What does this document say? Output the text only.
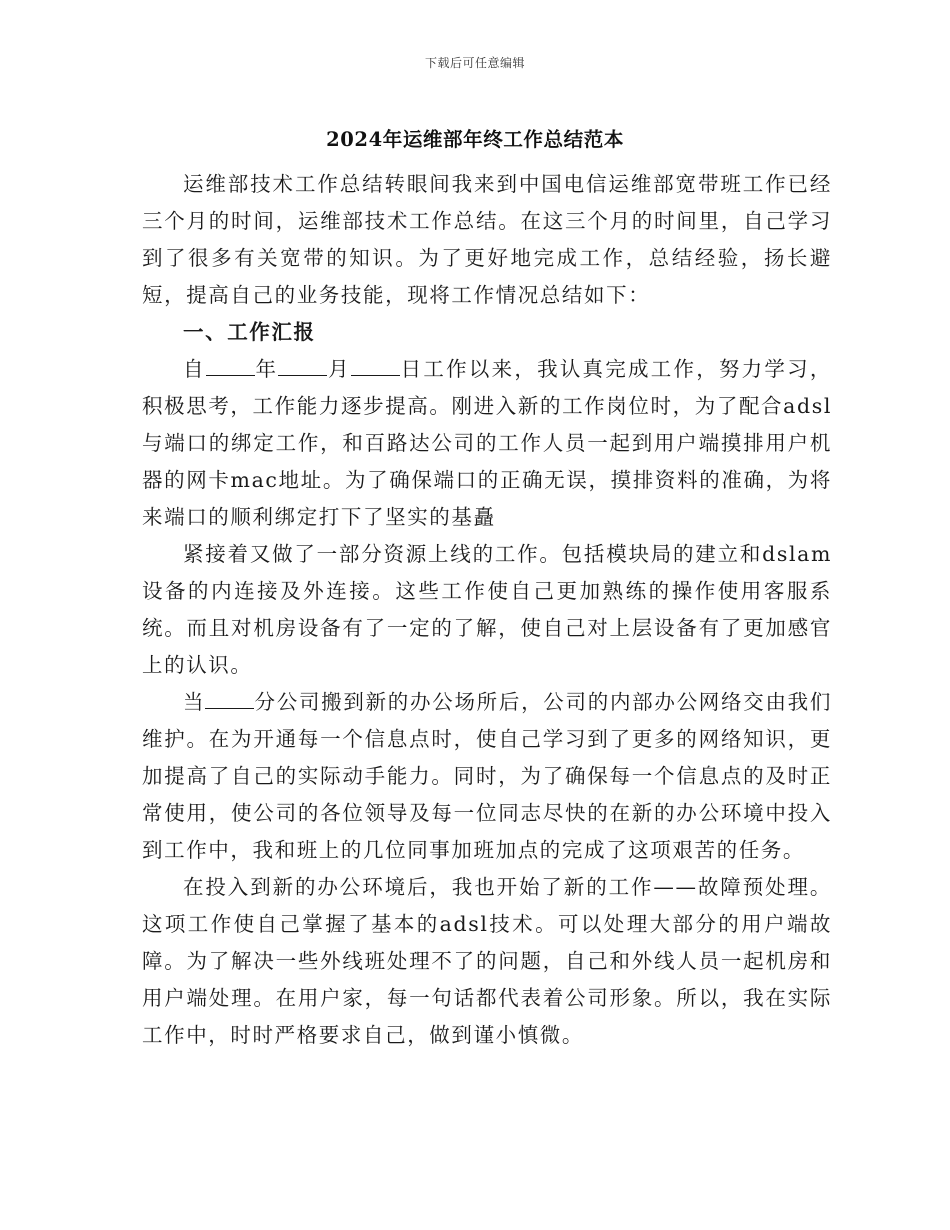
下载后可任意编辑
2024年运维部年终工作总结范本

运维部技术工作总结转眼间我来到中国电信运维部宽带班工作已经三个月的时间，运维部技术工作总结。在这三个月的时间里，自己学习到了很多有关宽带的知识。为了更好地完成工作，总结经验，扬长避短，提高自己的业务技能，现将工作情况总结如下：

一、工作汇报

自 年 月 日工作以来，我认真完成工作，努力学习，积极思考，工作能力逐步提高。刚进入新的工作岗位时，为了配合adsl与端口的绑定工作，和百路达公司的工作人员一起到用户端摸排用户机器的网卡mac地址。为了确保端口的正确无误，摸排资料的准确，为将来端口的顺利绑定打下了坚实的基矗

紧接着又做了一部分资源上线的工作。包括模块局的建立和dslam设备的内连接及外连接。这些工作使自己更加熟练的操作使用客服系统。而且对机房设备有了一定的了解，使自己对上层设备有了更加感官上的认识。

当 分公司搬到新的办公场所后，公司的内部办公网络交由我们维护。在为开通每一个信息点时，使自己学习到了更多的网络知识，更加提高了自己的实际动手能力。同时，为了确保每一个信息点的及时正常使用，使公司的各位领导及每一位同志尽快的在新的办公环境中投入到工作中，我和班上的几位同事加班加点的完成了这项艰苦的任务。

在投入到新的办公环境后，我也开始了新的工作——故障预处理。这项工作使自己掌握了基本的adsl技术。可以处理大部分的用户端故障。为了解决一些外线班处理不了的问题，自己和外线人员一起机房和用户端处理。在用户家，每一句话都代表着公司形象。所以，我在实际工作中，时时严格要求自己，做到谨小慎微。
